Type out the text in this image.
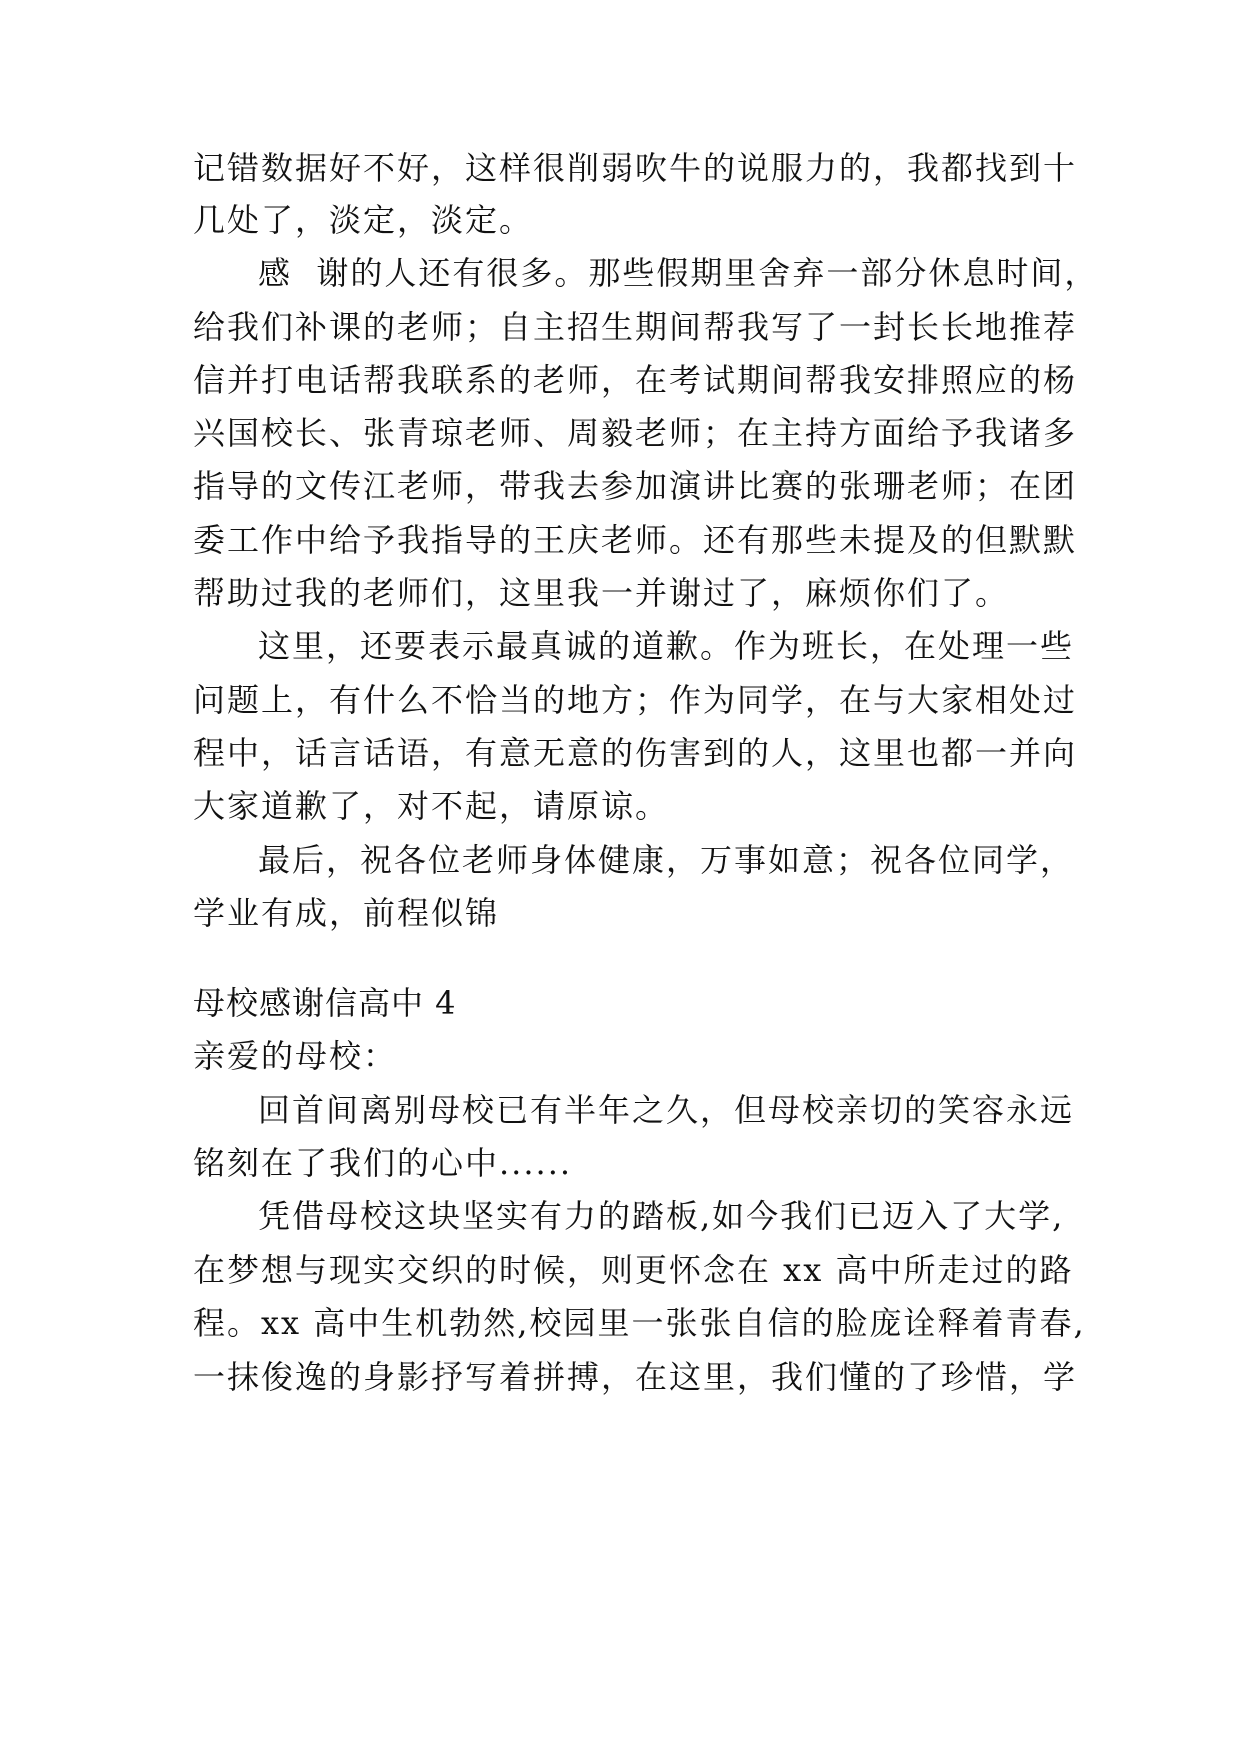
记错数据好不好，这样很削弱吹牛的说服力的，我都找到十
几处了，淡定，淡定。
感  谢的人还有很多。那些假期里舍弃一部分休息时间，
给我们补课的老师；自主招生期间帮我写了一封长长地推荐
信并打电话帮我联系的老师，在考试期间帮我安排照应的杨
兴国校长、张青琼老师、周毅老师；在主持方面给予我诸多
指导的文传江老师，带我去参加演讲比赛的张珊老师；在团
委工作中给予我指导的王庆老师。还有那些未提及的但默默
帮助过我的老师们，这里我一并谢过了，麻烦你们了。
这里，还要表示最真诚的道歉。作为班长，在处理一些
问题上，有什么不恰当的地方；作为同学，在与大家相处过
程中，话言话语，有意无意的伤害到的人，这里也都一并向
大家道歉了，对不起，请原谅。
最后，祝各位老师身体健康，万事如意；祝各位同学，
学业有成，前程似锦
母校感谢信高中 4
亲爱的母校：
回首间离别母校已有半年之久，但母校亲切的笑容永远
铭刻在了我们的心中......
凭借母校这块坚实有力的踏板,如今我们已迈入了大学,
在梦想与现实交织的时候，则更怀念在 xx 高中所走过的路
程。xx 高中生机勃然,校园里一张张自信的脸庞诠释着青春,
一抹俊逸的身影抒写着拼搏，在这里，我们懂的了珍惜，学
